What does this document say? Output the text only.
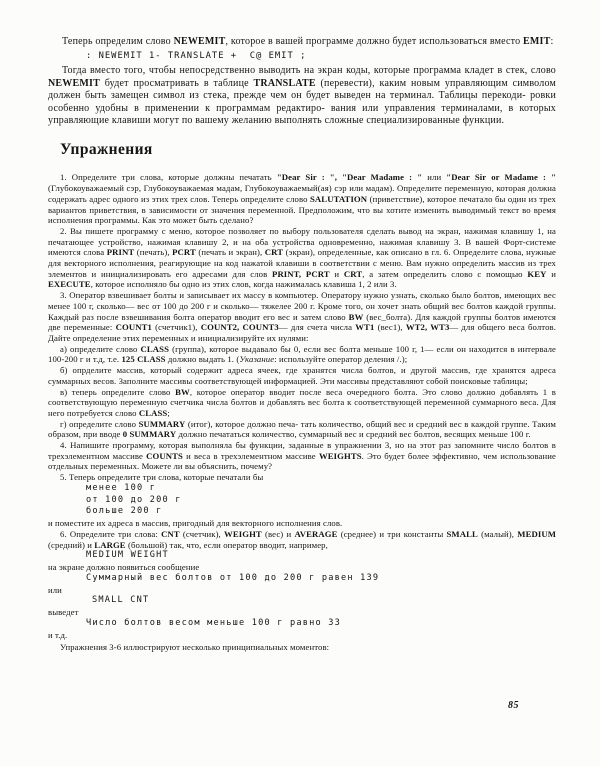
Теперь определим слово NEWEMIT, которое в вашей программе должно будет использоваться вместо EMIT:

: NEWEMIT 1- TRANSLATE +  C@ EMIT ;

Тогда вместо того, чтобы непосредственно выводить на экран коды, которые программа кладет в стек, слово NEWEMIT будет просматривать в таблице TRANSLATE (перевести), каким новым управляющим символом должен быть замещен символ из стека, прежде чем он будет выведен на терминал. Таблицы перекоди- ровки особенно удобны в применении к программам редактиро- вания или управления терминалами, в которых управляющие клавиши могут по вашему желанию выполнять сложные специализированные функции.

Упражнения

1. Определите три слова, которые должны печатать "Dear Sir : ", "Dear Madame : " или "Dear Sir or Madame : " (Глубокоуважаемый сэр, Глубокоуважаемая мадам, Глубокоуважаемый(ая) сэр или мадам). Определите переменную, которая должна содержать адрес одного из этих трех слов. Теперь определите слово SALUTATION (приветствие), которое печатало бы один из трех вариантов приветствия, в зависимости от значения переменной. Предположим, что вы хотите изменить выводимый текст во время исполнения программы. Как это может быть сделано?

2. Вы пишете программу с меню, которое позволяет по выбору пользователя сделать вывод на экран, нажимая клавишу 1, на печатающее устройство, нажимая клавишу 2, и на оба устройства одновременно, нажимая клавишу 3. В вашей Форт-системе имеются слова PRINT (печать), PCRT (печать и экран), CRT (экран), определенные, как описано в гл. 6. Определите слова, нужные для векторного исполнения, реагирующие на код нажатой клавиши в соответствии с меню. Вам нужно определить массив из трех элементов и инициализировать его адресами для слов PRINT, PCRT и CRT, а затем определить слово с помощью KEY и EXECUTE, которое исполняло бы одно из этих слов, когда нажималась клавиша 1, 2 или 3.

3. Оператор взвешивает болты и записывает их массу в компьютер. Оператору нужно узнать, сколько было болтов, имеющих вес менее 100 г, сколько— вес от 100 до 200 г и сколько— тяжелее 200 г. Кроме того, он хочет знать общий вес болтов каждой группы. Каждый раз после взвешивания болта оператор вводит его вес и затем слово BW (вес_болта). Для каждой группы болтов имеются две переменные: COUNT1 (счетчик1), COUNT2, COUNT3— для счета числа WT1 (вес1), WT2, WT3— для общего веса болтов. Дайте определение этих переменных и инициализируйте их нулями:

а) определите слово CLASS (группа), которое выдавало бы 0, если вес болта меньше 100 г, 1— если он находится в интервале 100-200 г и т.д, т.е. 125 CLASS должно выдать 1. (Указание: используйте оператор деления /.);

б) опрделите массив, который содержит адреса ячеек, где хранятся числа болтов, и другой массив, где хранятся адреса суммарных весов. Заполните массивы соответствующей информацией. Эти массивы представляют собой поисковые таблицы;

в) теперь определите слово BW, которое оператор вводит после веса очередного болта. Это слово должно добавлять 1 в соответствующую переменную счетчика числа болтов и добавлять вес болта к соответствующей переменной суммарного веса. Для него потребуется слово CLASS;

г) определите слово SUMMARY (итог), которое должно печа- тать количество, общий вес и средний вес в каждой группе. Таким образом, при вводе 0 SUMMARY должно печататься количество, суммарный вес и средний вес болтов, весящих меньше 100 г.

4. Напишите программу, которая выполняла бы функции, заданные в упражнении 3, но на этот раз запомните число болтов в трехэлементном массиве COUNTS и веса в трехэлементном массиве WEIGHTS. Это будет более эффективно, чем использование отдельных переменных. Можете ли вы объяснить, почему?

5. Теперь определите три слова, которые печатали бы

менее 100 г
от 100 до 200 г
больше 200 г

и поместите их адреса в массив, пригодный для векторного исполнения слов.

6. Определите три слова: CNT (счетчик), WEIGHT (вес) и AVERAGE (среднее) и три константы SMALL (малый), MEDIUM (средний) и LARGE (большой) так, что, если оператор вводит, например,

MEDIUM WEIGHT

на экране должно появиться сообщение

Суммарный вес болтов от 100 до 200 г равен 139

или

SMALL CNT

выведет

Число болтов весом меньше 100 г равно 33

и т.д.

Упражнения 3-6 иллюстрируют несколько принципиальных моментов:

85
